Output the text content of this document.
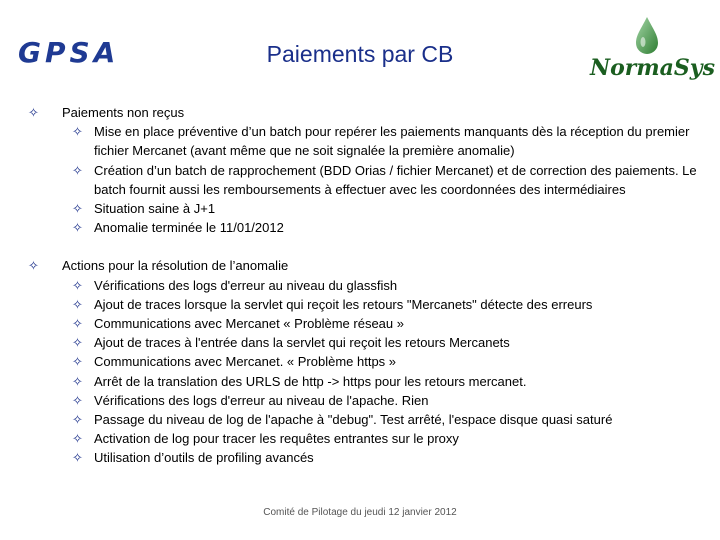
GPSA	Paiements par CB
NormaSys
✧ Paiements non reçus
✧ Mise en place préventive d’un batch pour repérer les paiements manquants dès la réception du premier fichier Mercanet (avant même que ne soit signalée la première anomalie)
✧ Création d’un batch de rapprochement (BDD Orias / fichier Mercanet) et de correction des paiements. Le batch fournit aussi les remboursements à effectuer avec les coordonnées des intermédiaires
✧ Situation saine à J+1
✧ Anomalie terminée le 11/01/2012
✧ Actions pour la résolution de l’anomalie
✧ Vérifications des logs d'erreur au niveau du glassfish
✧ Ajout de traces lorsque la servlet qui reçoit les retours "Mercanets" détecte des erreurs
✧ Communications avec Mercanet « Problème réseau »
✧ Ajout de traces à l'entrée dans la servlet qui reçoit les retours Mercanets
✧ Communications avec Mercanet. « Problème https »
✧ Arrêt de la translation des URLS de http -> https pour les retours mercanet.
✧ Vérifications des logs d'erreur au niveau de l'apache. Rien
✧ Passage du niveau de log de l'apache à "debug". Test arrêté, l'espace disque quasi saturé
✧ Activation de log pour tracer les requêtes entrantes sur le proxy
✧ Utilisation d’outils de profiling avancés
Comité de Pilotage du jeudi 12 janvier 2012
